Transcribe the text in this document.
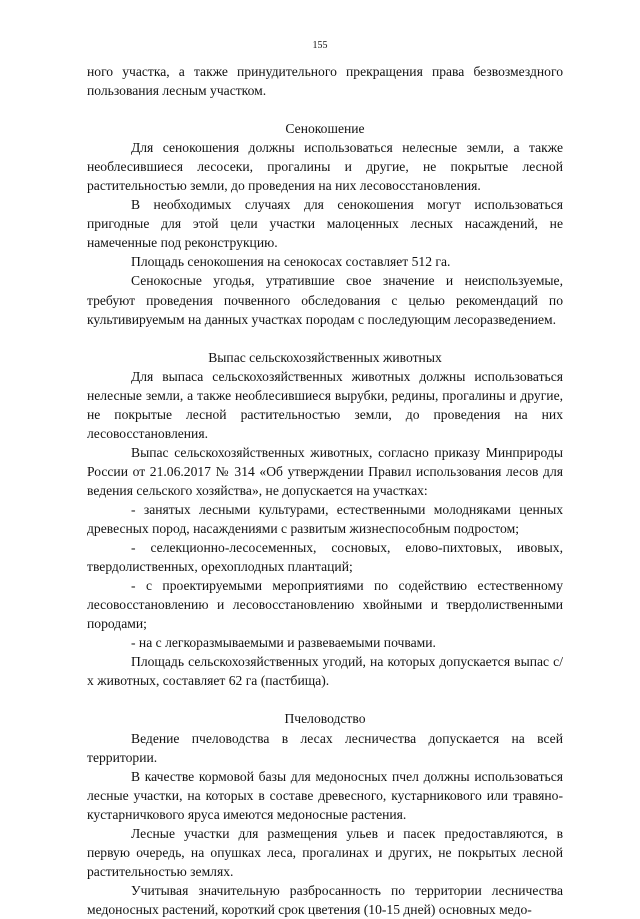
155

ного участка, а также принудительного прекращения права безвозмездного пользования лесным участком.

Сенокошение

Для сенокошения должны использоваться нелесные земли, а также необлесившиеся лесосеки, прогалины и другие, не покрытые лесной растительностью земли, до проведения на них лесовосстановления.

В необходимых случаях для сенокошения могут использоваться пригодные для этой цели участки малоценных лесных насаждений, не намеченные под реконструкцию.

Площадь сенокошения на сенокосах составляет 512 га.

Сенокосные угодья, утратившие свое значение и неиспользуемые, требуют проведения почвенного обследования с целью рекомендаций по культивируемым на данных участках породам с последующим лесоразведением.

Выпас сельскохозяйственных животных

Для выпаса сельскохозяйственных животных должны использоваться нелесные земли, а также необлесившиеся вырубки, редины, прогалины и другие, не покрытые лесной растительностью земли, до проведения на них лесовосстановления.

Выпас сельскохозяйственных животных, согласно приказу Минприроды России от 21.06.2017 № 314 «Об утверждении Правил использования лесов для ведения сельского хозяйства», не допускается на участках:

- занятых лесными культурами, естественными молодняками ценных древесных пород, насаждениями с развитым жизнеспособным подростом;

- селекционно-лесосеменных, сосновых, елово-пихтовых, ивовых, твердолиственных, орехоплодных плантаций;

- с проектируемыми мероприятиями по содействию естественному лесовосстановлению и лесовосстановлению хвойными и твердолиственными породами;

- на с легкоразмываемыми и развеваемыми почвами.

Площадь сельскохозяйственных угодий, на которых допускается выпас с/х животных, составляет 62 га (пастбища).

Пчеловодство

Ведение пчеловодства в лесах лесничества допускается на всей территории.

В качестве кормовой базы для медоносных пчел должны использоваться лесные участки, на которых в составе древесного, кустарникового или травяно-кустарничкового яруса имеются медоносные растения.

Лесные участки для размещения ульев и пасек предоставляются, в первую очередь, на опушках леса, прогалинах и других, не покрытых лесной растительностью землях.

Учитывая значительную разбросанность по территории лесничества медоносных растений, короткий срок цветения (10-15 дней) основных медо-
